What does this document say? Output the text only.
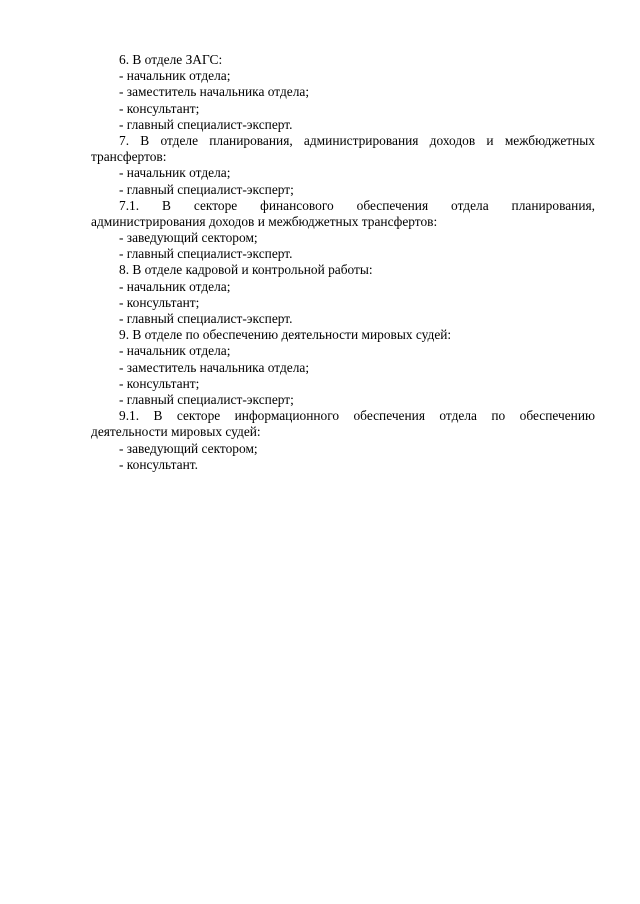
6. В отделе ЗАГС:
- начальник отдела;
- заместитель начальника отдела;
- консультант;
- главный специалист-эксперт.
7. В отделе планирования, администрирования доходов и межбюджетных
трансфертов:
- начальник отдела;
- главный специалист-эксперт;
7.1. В секторе финансового обеспечения отдела планирования,
администрирования доходов и межбюджетных трансфертов:
- заведующий сектором;
- главный специалист-эксперт.
8. В отделе кадровой и контрольной работы:
- начальник отдела;
- консультант;
- главный специалист-эксперт.
9. В отделе по обеспечению деятельности мировых судей:
- начальник отдела;
- заместитель начальника отдела;
- консультант;
- главный специалист-эксперт;
9.1. В секторе информационного обеспечения отдела по обеспечению
деятельности мировых судей:
- заведующий сектором;
- консультант.
